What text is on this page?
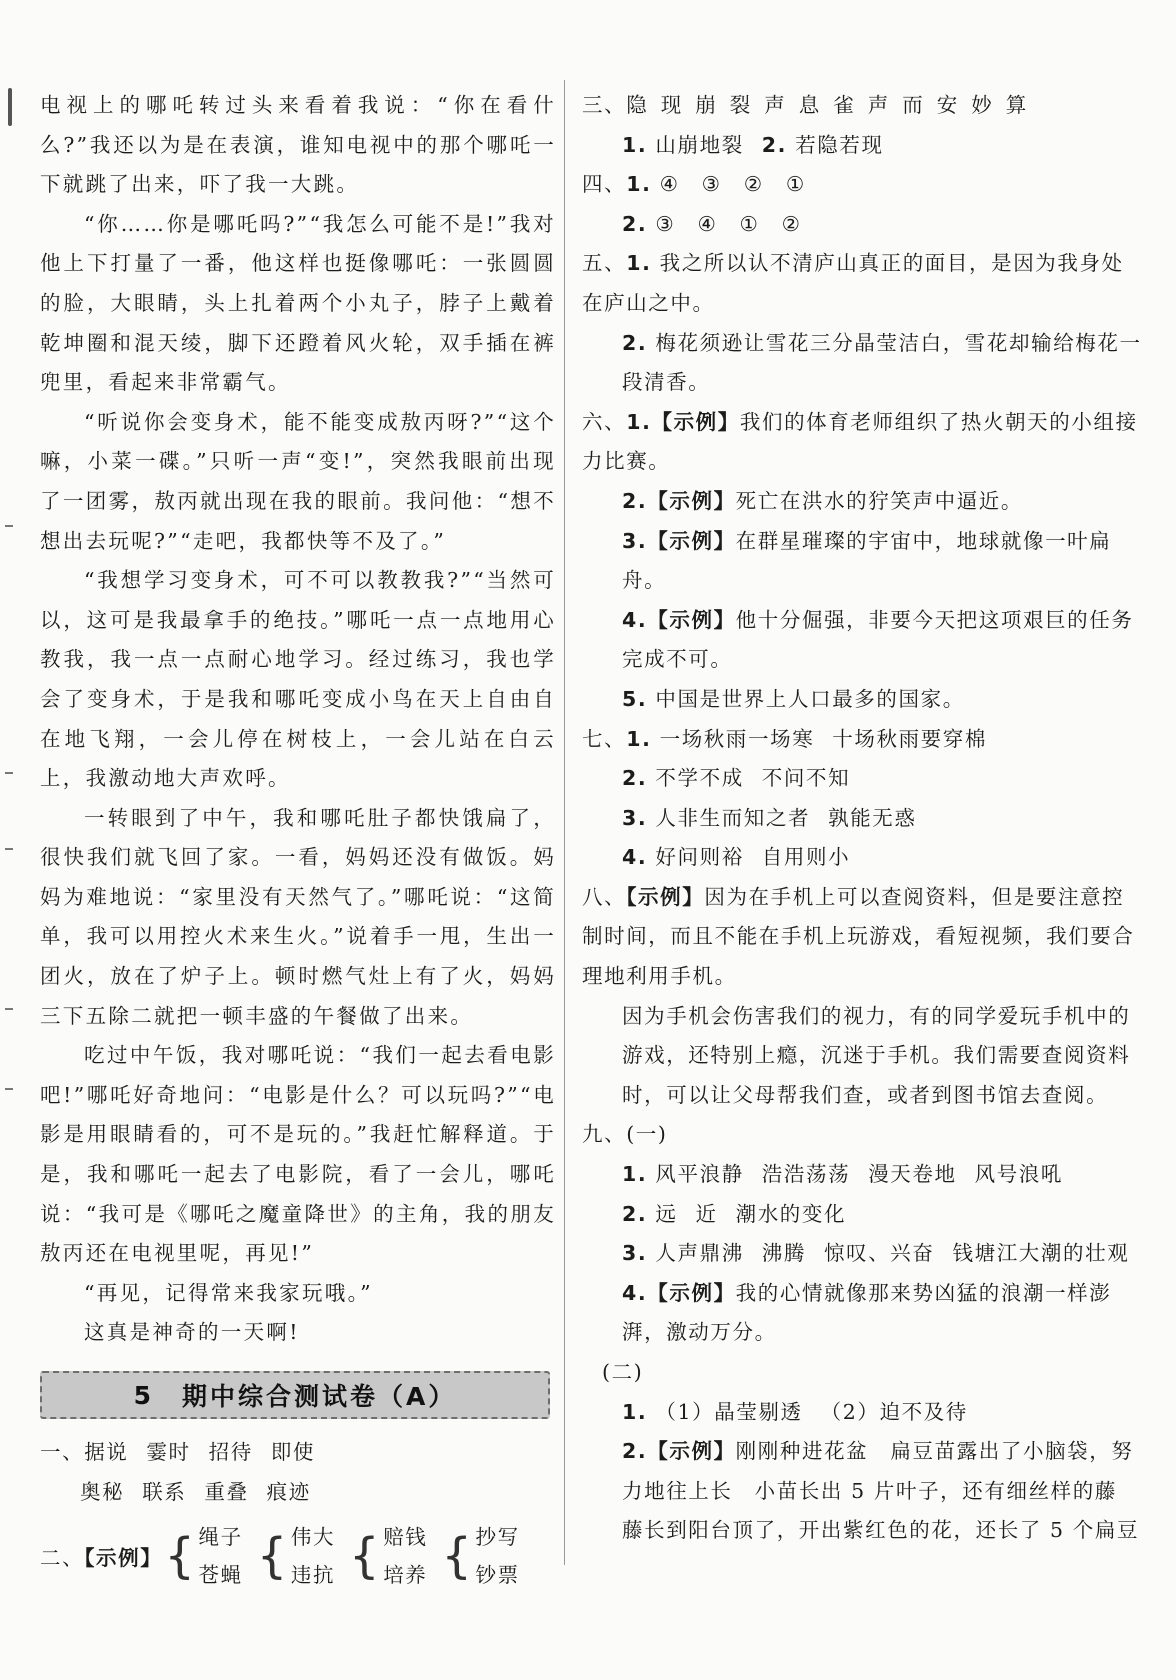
电视上的哪吒转过头来看着我说：“你在看什么?”我还以为是在表演，谁知电视中的那个哪吒一下就跳了出来，吓了我一大跳。

“你……你是哪吒吗?”“我怎么可能不是!”我对他上下打量了一番，他这样也挺像哪吒：一张圆圆的脸，大眼睛，头上扎着两个小丸子，脖子上戴着乾坤圈和混天绫，脚下还蹬着风火轮，双手插在裤兜里，看起来非常霸气。

“听说你会变身术，能不能变成敖丙呀?”“这个嘛，小菜一碟。”只听一声“变!”，突然我眼前出现了一团雾，敖丙就出现在我的眼前。我问他：“想不想出去玩呢?”“走吧，我都快等不及了。”

“我想学习变身术，可不可以教教我?”“当然可以，这可是我最拿手的绝技。”哪吒一点一点地用心教我，我一点一点耐心地学习。经过练习，我也学会了变身术，于是我和哪吒变成小鸟在天上自由自在地飞翔，一会儿停在树枝上，一会儿站在白云上，我激动地大声欢呼。

一转眼到了中午，我和哪吒肚子都快饿扁了，很快我们就飞回了家。一看，妈妈还没有做饭。妈妈为难地说：“家里没有天然气了。”哪吒说：“这简单，我可以用控火术来生火。”说着手一甩，生出一团火，放在了炉子上。顿时燃气灶上有了火，妈妈三下五除二就把一顿丰盛的午餐做了出来。

吃过中午饭，我对哪吒说：“我们一起去看电影吧!”哪吒好奇地问：“电影是什么？可以玩吗?”“电影是用眼睛看的，可不是玩的。”我赶忙解释道。于是，我和哪吒一起去了电影院，看了一会儿，哪吒说：“我可是《哪吒之魔童降世》的主角，我的朋友敖丙还在电视里呢，再见!”

“再见，记得常来我家玩哦。”

这真是神奇的一天啊!

5 期中综合测试卷（A）
一、据说 霎时 招待 即使
奥秘 联系 重叠 痕迹
二、【示例】 { 绳子
苍蝇 { 伟大
违抗 { 赔钱
培养 { 抄写
钞票
三、隐现崩裂声息雀声而安妙算
1. 山崩地裂 2. 若隐若现
四、1. ④　③　②　①
2. ③　④　①　②
五、1. 我之所以认不清庐山真正的面目，是因为我身处在庐山之中。
2. 梅花须逊让雪花三分晶莹洁白，雪花却输给梅花一段清香。
六、1.【示例】我们的体育老师组织了热火朝天的小组接力比赛。
2.【示例】死亡在洪水的狞笑声中逼近。
3.【示例】在群星璀璨的宇宙中，地球就像一叶扁舟。
4.【示例】他十分倔强，非要今天把这项艰巨的任务完成不可。
5. 中国是世界上人口最多的国家。
七、1. 一场秋雨一场寒 十场秋雨要穿棉
2. 不学不成 不问不知
3. 人非生而知之者 孰能无惑
4. 好问则裕 自用则小
八、【示例】因为在手机上可以查阅资料，但是要注意控制时间，而且不能在手机上玩游戏，看短视频，我们要合理地利用手机。
因为手机会伤害我们的视力，有的同学爱玩手机中的游戏，还特别上瘾，沉迷于手机。我们需要查阅资料时，可以让父母帮我们查，或者到图书馆去查阅。
九、(一)
1. 风平浪静 浩浩荡荡 漫天卷地 风号浪吼
2. 远 近 潮水的变化
3. 人声鼎沸 沸腾 惊叹、兴奋 钱塘江大潮的壮观
4.【示例】我的心情就像那来势凶猛的浪潮一样澎湃，激动万分。
(二)
1. （1）晶莹剔透 （2）迫不及待
2.【示例】刚刚种进花盆　扁豆苗露出了小脑袋，努力地往上长　小苗长出 5 片叶子，还有细丝样的藤　藤长到阳台顶了，开出紫红色的花，还长了 5 个扁豆
